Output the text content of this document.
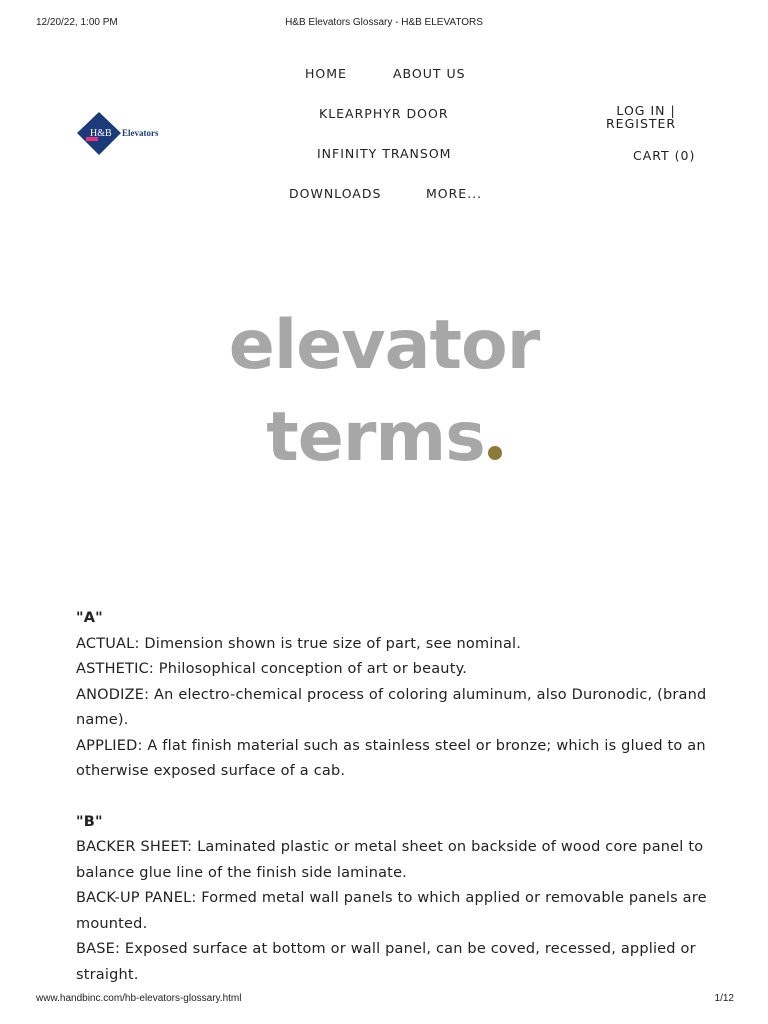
12/20/22, 1:00 PM	H&B Elevators Glossary - H&B ELEVATORS
H&B Elevators
HOME	ABOUT US
KLEARPHYR DOOR
INFINITY TRANSOM
DOWNLOADS	MORE...
LOG IN |
REGISTER
CART (0)
elevator
terms

"A"

ACTUAL: Dimension shown is true size of part, see nominal.

ASTHETIC: Philosophical conception of art or beauty.

ANODIZE: An electro-chemical process of coloring aluminum, also Duronodic, (brand name).

APPLIED: A flat finish material such as stainless steel or bronze; which is glued to an otherwise exposed surface of a cab.

"B"

BACKER SHEET: Laminated plastic or metal sheet on backside of wood core panel to balance glue line of the finish side laminate.

BACK-UP PANEL: Formed metal wall panels to which applied or removable panels are mounted.

BASE: Exposed surface at bottom or wall panel, can be coved, recessed, applied or straight.

www.handbinc.com/hb-elevators-glossary.html	1/12
